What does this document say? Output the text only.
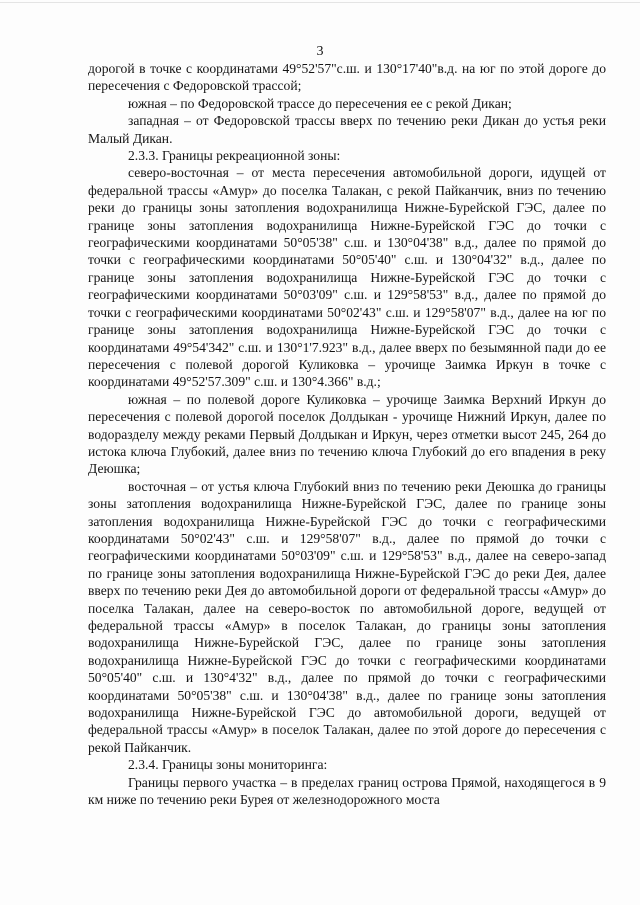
3

дорогой в точке с координатами 49°52'57"с.ш. и 130°17'40"в.д. на юг по этой дороге до пересечения с Федоровской трассой;

южная – по Федоровской трассе до пересечения ее с рекой Дикан;

западная – от Федоровской трассы вверх по течению реки Дикан до устья реки Малый Дикан.

2.3.3. Границы рекреационной зоны:

северо-восточная – от места пересечения автомобильной дороги, идущей от федеральной трассы «Амур» до поселка Талакан, с рекой Пайканчик, вниз по течению реки до границы зоны затопления водохранилища Нижне-Бурейской ГЭС, далее по границе зоны затопления водохранилища Нижне-Бурейской ГЭС до точки с географическими координатами 50°05'38" с.ш. и 130°04'38" в.д., далее по прямой до точки с географическими координатами 50°05'40" с.ш. и 130°04'32" в.д., далее по границе зоны затопления водохранилища Нижне-Бурейской ГЭС до точки с географическими координатами 50°03'09" с.ш. и 129°58'53" в.д., далее по прямой до точки с географическими координатами 50°02'43" с.ш. и 129°58'07" в.д., далее на юг по границе зоны затопления водохранилища Нижне-Бурейской ГЭС до точки с координатами 49°54'342" с.ш. и 130°1'7.923" в.д., далее вверх по безымянной пади до ее пересечения с полевой дорогой Куликовка – урочище Заимка Иркун в точке с координатами 49°52'57.309" с.ш. и 130°4.366" в.д.;

южная – по полевой дороге Куликовка – урочище Заимка Верхний Иркун до пересечения с полевой дорогой поселок Долдыкан - урочище Нижний Иркун, далее по водоразделу между реками Первый Долдыкан и Иркун, через отметки высот 245, 264 до истока ключа Глубокий, далее вниз по течению ключа Глубокий до его впадения в реку Деюшка;

восточная – от устья ключа Глубокий вниз по течению реки Деюшка до границы зоны затопления водохранилища Нижне-Бурейской ГЭС, далее по границе зоны затопления водохранилища Нижне-Бурейской ГЭС до точки с географическими координатами 50°02'43" с.ш. и 129°58'07" в.д., далее по прямой до точки с географическими координатами 50°03'09" с.ш. и 129°58'53" в.д., далее на северо-запад по границе зоны затопления водохранилища Нижне-Бурейской ГЭС до реки Дея, далее вверх по течению реки Дея до автомобильной дороги от федеральной трассы «Амур» до поселка Талакан, далее на северо-восток по автомобильной дороге, ведущей от федеральной трассы «Амур» в поселок Талакан, до границы зоны затопления водохранилища Нижне-Бурейской ГЭС, далее по границе зоны затопления водохранилища Нижне-Бурейской ГЭС до точки с географическими координатами 50°05'40" с.ш. и 130°4'32" в.д., далее по прямой до точки с географическими координатами 50°05'38" с.ш. и 130°04'38" в.д., далее по границе зоны затопления водохранилища Нижне-Бурейской ГЭС до автомобильной дороги, ведущей от федеральной трассы «Амур» в поселок Талакан, далее по этой дороге до пересечения с рекой Пайканчик.

2.3.4. Границы зоны мониторинга:

Границы первого участка – в пределах границ острова Прямой, находящегося в 9 км ниже по течению реки Бурея от железнодорожного моста
